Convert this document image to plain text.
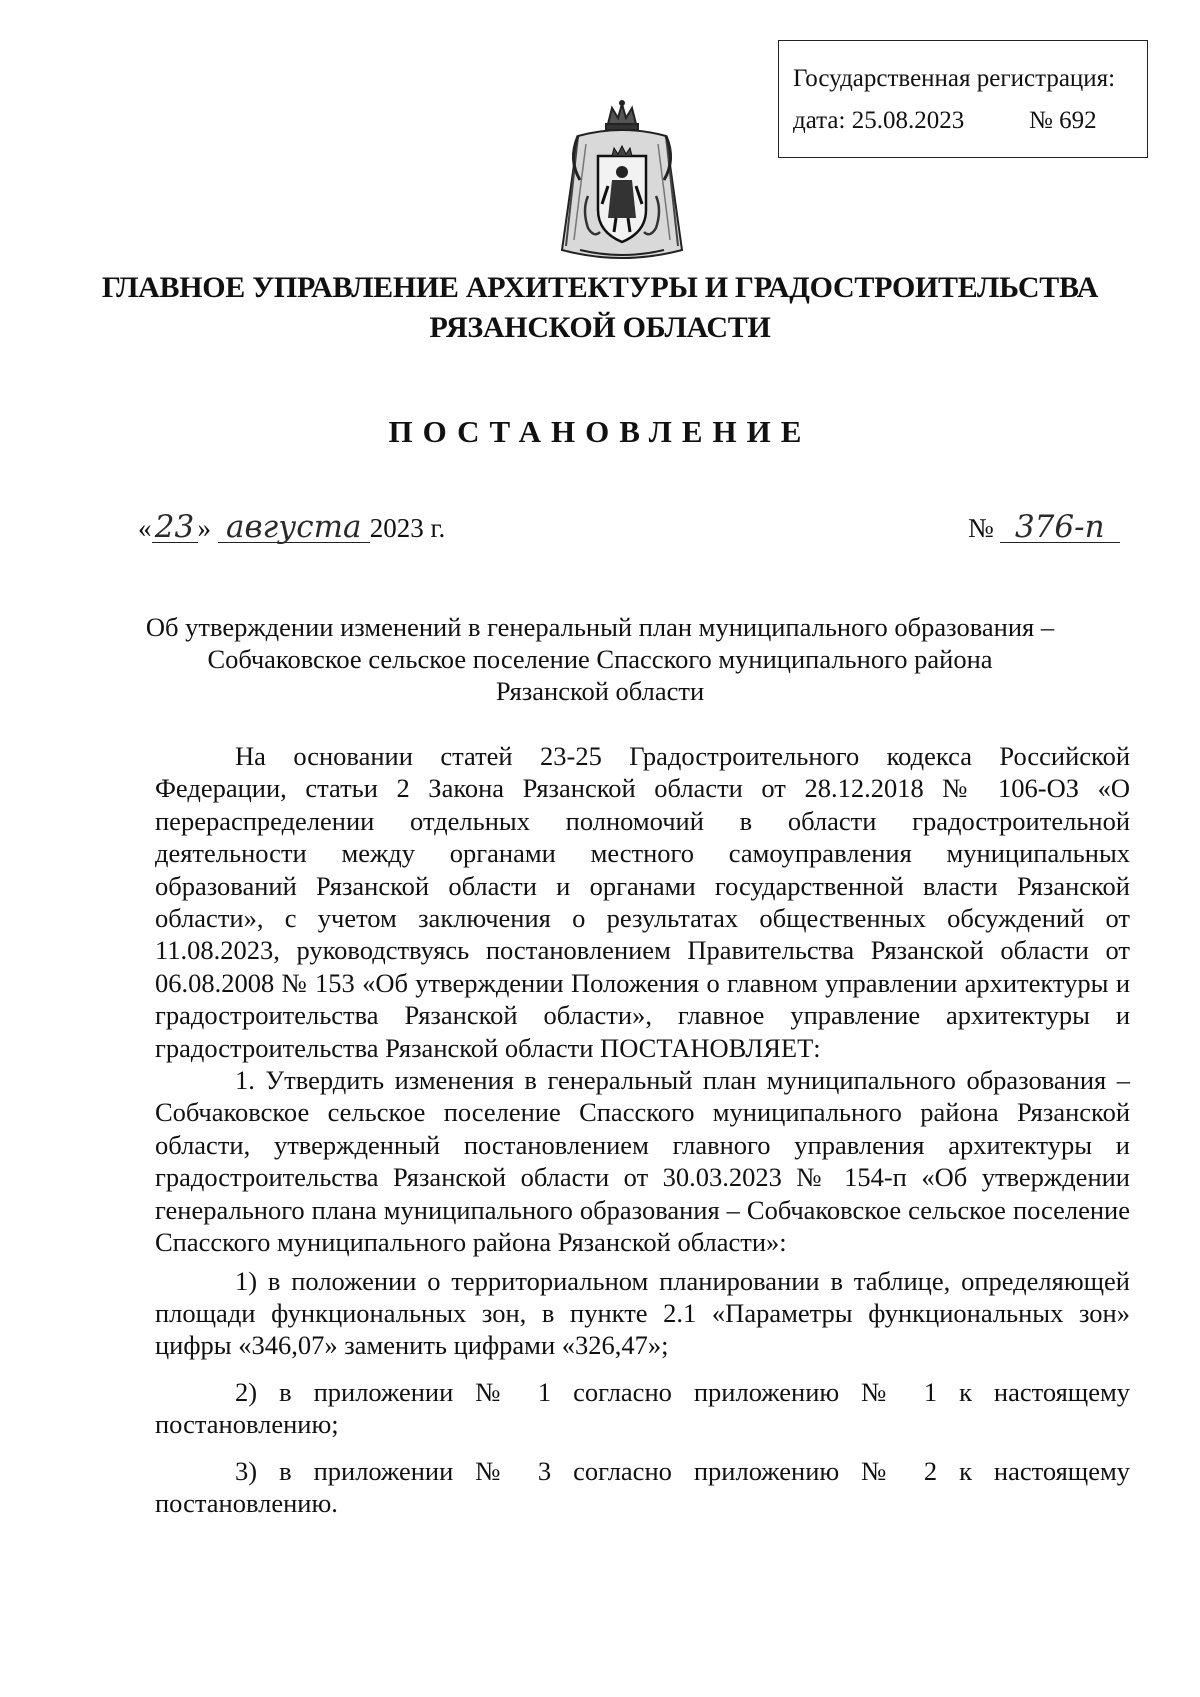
Государственная регистрация:
дата: 25.08.2023	№ 692
ГЛАВНОЕ УПРАВЛЕНИЕ АРХИТЕКТУРЫ И ГРАДОСТРОИТЕЛЬСТВА
РЯЗАНСКОЙ ОБЛАСТИ
ПОСТАНОВЛЕНИЕ
« 23 » августа 2023 г.	№ 376-п
Об утверждении изменений в генеральный план муниципального образования –
Собчаковское сельское поселение Спасского муниципального района
Рязанской области

На основании статей 23-25 Градостроительного кодекса Российской Федерации, статьи 2 Закона Рязанской области от 28.12.2018 № 106-ОЗ «О перераспределении отдельных полномочий в области градостроительной деятельности между органами местного самоуправления муниципальных образований Рязанской области и органами государственной власти Рязанской области», с учетом заключения о результатах общественных обсуждений от 11.08.2023, руководствуясь постановлением Правительства Рязанской области от 06.08.2008 № 153 «Об утверждении Положения о главном управлении архитектуры и градостроительства Рязанской области», главное управление архитектуры и градостроительства Рязанской области ПОСТАНОВЛЯЕТ:

1. Утвердить изменения в генеральный план муниципального образования – Собчаковское сельское поселение Спасского муниципального района Рязанской области, утвержденный постановлением главного управления архитектуры и градостроительства Рязанской области от 30.03.2023 № 154-п «Об утверждении генерального плана муниципального образования – Собчаковское сельское поселение Спасского муниципального района Рязанской области»:

1) в положении о территориальном планировании в таблице, определяющей площади функциональных зон, в пункте 2.1 «Параметры функциональных зон» цифры «346,07» заменить цифрами «326,47»;

2) в приложении № 1 согласно приложению № 1 к настоящему постановлению;

3) в приложении № 3 согласно приложению № 2 к настоящему постановлению.
